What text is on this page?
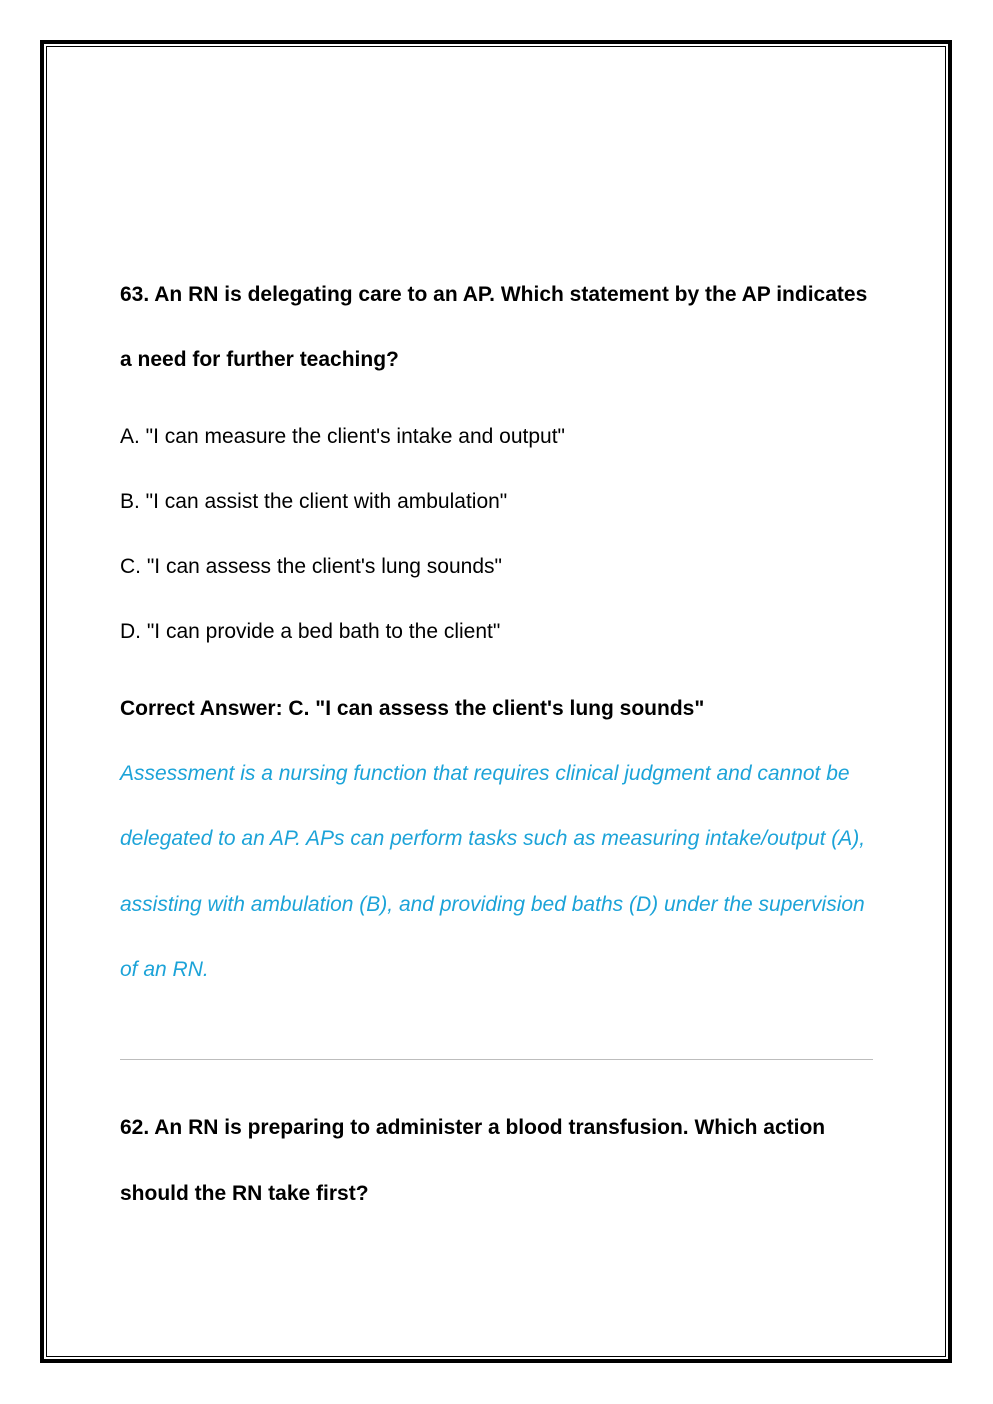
63. An RN is delegating care to an AP. Which statement by the AP indicates a need for further teaching?

A. "I can measure the client's intake and output"
B. "I can assist the client with ambulation"
C. "I can assess the client's lung sounds"
D. "I can provide a bed bath to the client"

Correct Answer: C. "I can assess the client's lung sounds"

Assessment is a nursing function that requires clinical judgment and cannot be delegated to an AP. APs can perform tasks such as measuring intake/output (A), assisting with ambulation (B), and providing bed baths (D) under the supervision of an RN.

62. An RN is preparing to administer a blood transfusion. Which action should the RN take first?
